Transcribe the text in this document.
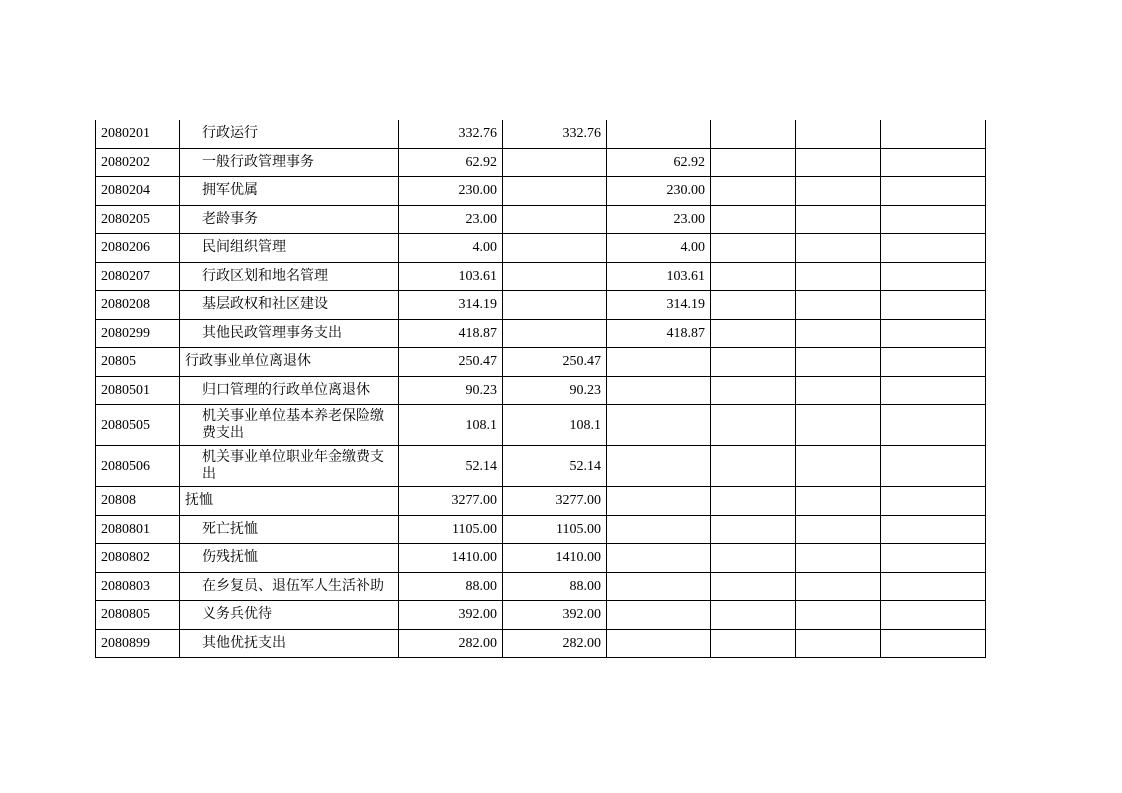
2080201	行政运行	332.76	332.76				
2080202	一般行政管理事务	62.92		62.92			
2080204	拥军优属	230.00		230.00			
2080205	老龄事务	23.00		23.00			
2080206	民间组织管理	4.00		4.00			
2080207	行政区划和地名管理	103.61		103.61			
2080208	基层政权和社区建设	314.19		314.19			
2080299	其他民政管理事务支出	418.87		418.87			
20805	行政事业单位离退休	250.47	250.47				
2080501	归口管理的行政单位离退休	90.23	90.23				
2080505	机关事业单位基本养老保险缴费支出	108.1	108.1				
2080506	机关事业单位职业年金缴费支出	52.14	52.14				
20808	抚恤	3277.00	3277.00				
2080801	死亡抚恤	1105.00	1105.00				
2080802	伤残抚恤	1410.00	1410.00				
2080803	在乡复员、退伍军人生活补助	88.00	88.00				
2080805	义务兵优待	392.00	392.00				
2080899	其他优抚支出	282.00	282.00				
